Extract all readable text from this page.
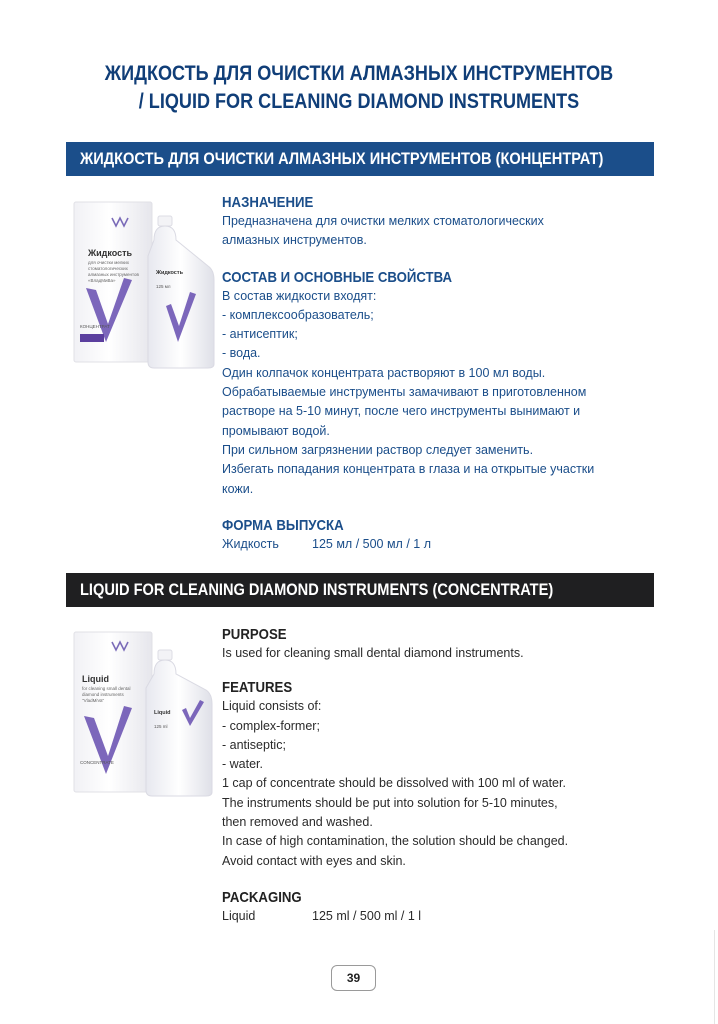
ЖИДКОСТЬ ДЛЯ ОЧИСТКИ АЛМАЗНЫХ ИНСТРУМЕНТОВ
/ LIQUID FOR CLEANING DIAMOND INSTRUMENTS
ЖИДКОСТЬ ДЛЯ ОЧИСТКИ АЛМАЗНЫХ ИНСТРУМЕНТОВ (КОНЦЕНТРАТ)
Жидкость
для очистки мелких стоматологических алмазных инструментов «ВладМиВа»
КОНЦЕНТРАТ
Жидкость
125 мл
НАЗНАЧЕНИЕ

Предназначена для очистки мелких стоматологических
алмазных инструментов.

СОСТАВ И ОСНОВНЫЕ СВОЙСТВА

В состав жидкости входят:
- комплексообразователь;
- антисептик;
- вода.
Один колпачок концентрата растворяют в 100 мл воды.
Обрабатываемые инструменты замачивают в приготовленном
растворе на 5-10 минут, после чего инструменты вынимают и
промывают водой.
При сильном загрязнении раствор следует заменить.
Избегать попадания концентрата в глаза и на открытые участки
кожи.

ФОРМА ВЫПУСКА
Жидкость	125 мл / 500 мл / 1 л
LIQUID FOR CLEANING DIAMOND INSTRUMENTS (CONCENTRATE)
Liquid
for cleaning small dental diamond instruments "VladMiVa"
CONCENTRATE
Liquid
125 ml
PURPOSE

Is used for cleaning small dental diamond instruments.

FEATURES

Liquid consists of:
- complex-former;
- antiseptic;
- water.
1 cap of concentrate should be dissolved with 100 ml of water.
The instruments should be put into solution for 5-10 minutes,
then removed and washed.
In case of high contamination, the solution should be changed.
Avoid contact with eyes and skin.

PACKAGING
Liquid	125 ml / 500 ml / 1 l
39
